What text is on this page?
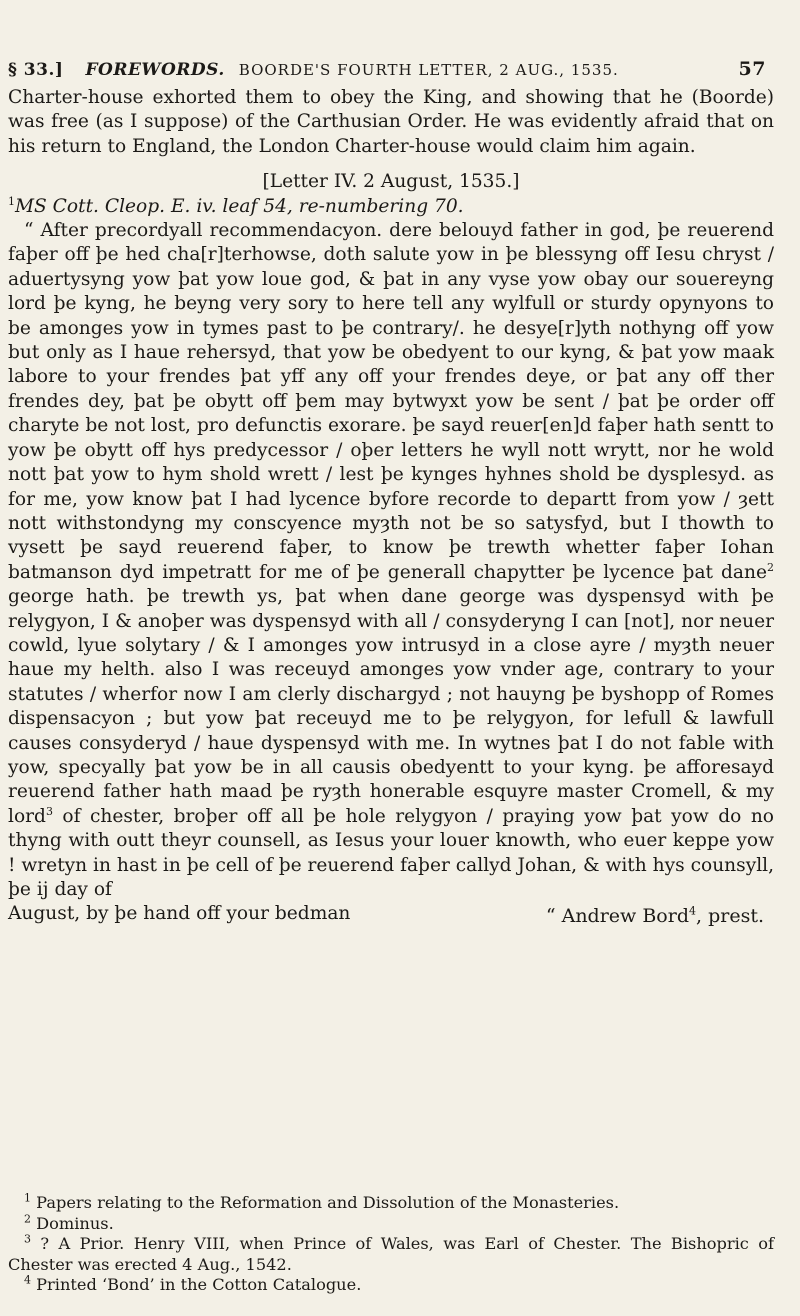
§ 33.] FOREWORDS. BOORDE'S FOURTH LETTER, 2 AUG., 1535.	57

Charter-house exhorted them to obey the King, and showing that he (Boorde) was free (as I suppose) of the Carthusian Order. He was evidently afraid that on his return to England, the London Charter-house would claim him again.

[Letter IV. 2 August, 1535.]

$^1$MS Cott. Cleop. E. iv. leaf 54, re-numbering 70.

“ After precordyall recommendacyon. dere belouyd father in god, þe reuerend faþer off þe hed cha[r]terhowse, doth salute yow in þe blessyng off Iesu chryst / aduertysyng yow þat yow loue god, & þat in any vyse yow obay our souereyng lord þe kyng, he beyng very sory to here tell any wylfull or sturdy opynyons to be amonges yow in tymes past to þe contrary/. he desye[r]yth nothyng off yow but only as I haue rehersyd, that yow be obedyent to our kyng, & þat yow maak labore to your frendes þat yff any off your frendes deye, or þat any off ther frendes dey, þat þe obytt off þem may bytwyxt yow be sent / þat þe order off charyte be not lost, pro defunctis exorare. þe sayd reuer[en]d faþer hath sentt to yow þe obytt off hys predycessor / oþer letters he wyll nott wrytt, nor he wold nott þat yow to hym shold wrett / lest þe kynges hyhnes shold be dysplesyd. as for me, yow know þat I had lycence byfore recorde to departt from yow / ȝett nott withstondyng my conscyence myȝth not be so satysfyd, but I thowth to vysett þe sayd reuerend faþer, to know þe trewth whetter faþer Iohan batmanson dyd impetratt for me of þe generall chapytter þe lycence þat dane$^2$ george hath. þe trewth ys, þat when dane george was dyspensyd with þe relygyon, I & anoþer was dyspensyd with all / consyderyng I can [not], nor neuer cowld, lyue solytary / & I amonges yow intrusyd in a close ayre / myȝth neuer haue my helth. also I was receuyd amonges yow vnder age, contrary to your statutes / wherfor now I am clerly dischargyd ; not hauyng þe byshopp of Romes dispensacyon ; but yow þat receuyd me to þe relygyon, for lefull & lawfull causes consyderyd / haue dyspensyd with me. In wytnes þat I do not fable with yow, specyally þat yow be in all causis obedyentt to your kyng. þe afforesayd reuerend father hath maad þe ryȝth honerable esquyre master Cromell, & my lord$^3$ of chester, broþer off all þe hole relygyon / praying yow þat yow do no thyng with outt theyr counsell, as Iesus your louer knowth, who euer keppe yow ! wretyn in hast in þe cell of þe reuerend faþer callyd Johan, & with hys counsyll, þe ij day of

August, by þe hand off your bedman	“ Andrew Bord$^4$, prest.

$^1$ Papers relating to the Reformation and Dissolution of the Monasteries.

$^2$ Dominus.

$^3$ ? A Prior. Henry VIII, when Prince of Wales, was Earl of Chester. The Bishopric of Chester was erected 4 Aug., 1542.

$^4$ Printed ‘Bond’ in the Cotton Catalogue.
